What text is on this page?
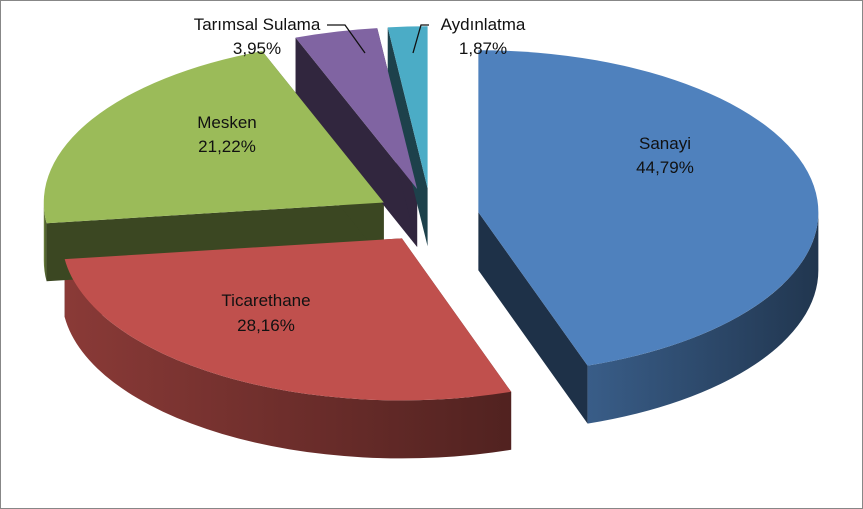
Sanayi
44,79%
Ticarethane
28,16%
Mesken
21,22%
Tarımsal Sulama
3,95%
Aydınlatma
1,87%
